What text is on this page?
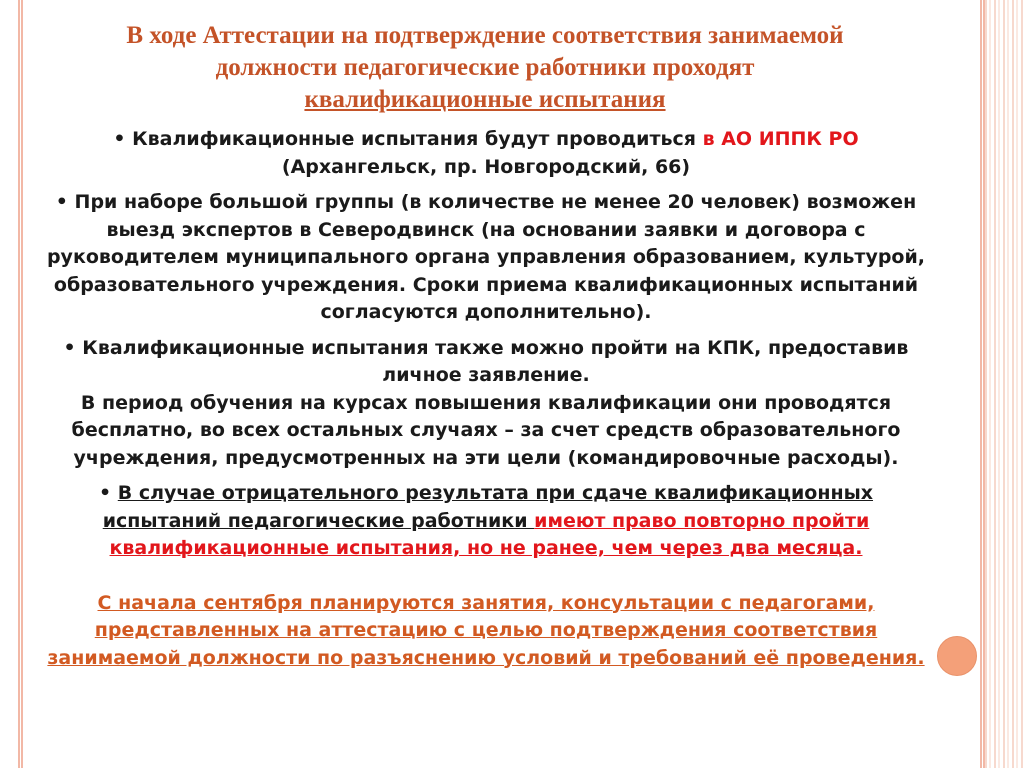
В ходе Аттестации на подтверждение соответствия занимаемой
должности педагогические работники проходят
квалификационные испытания

• Квалификационные испытания будут проводиться в АО ИППК РО
(Архангельск, пр. Новгородский, 66)

• При наборе большой группы (в количестве не менее 20 человек) возможен выезд экспертов в Северодвинск (на основании заявки и договора с руководителем муниципального органа управления образованием, культурой, образовательного учреждения. Сроки приема квалификационных испытаний согласуются дополнительно).

• Квалификационные испытания также можно пройти на КПК, предоставив личное заявление.
В период обучения на курсах повышения квалификации они проводятся бесплатно, во всех остальных случаях – за счет средств образовательного учреждения, предусмотренных на эти цели (командировочные расходы).

• В случае отрицательного результата при сдаче квалификационных испытаний педагогические работники имеют право повторно пройти квалификационные испытания, но не ранее, чем через два месяца.

С начала сентября планируются занятия, консультации с педагогами, представленных на аттестацию с целью подтверждения соответствия занимаемой должности по разъяснению условий и требований её проведения.
